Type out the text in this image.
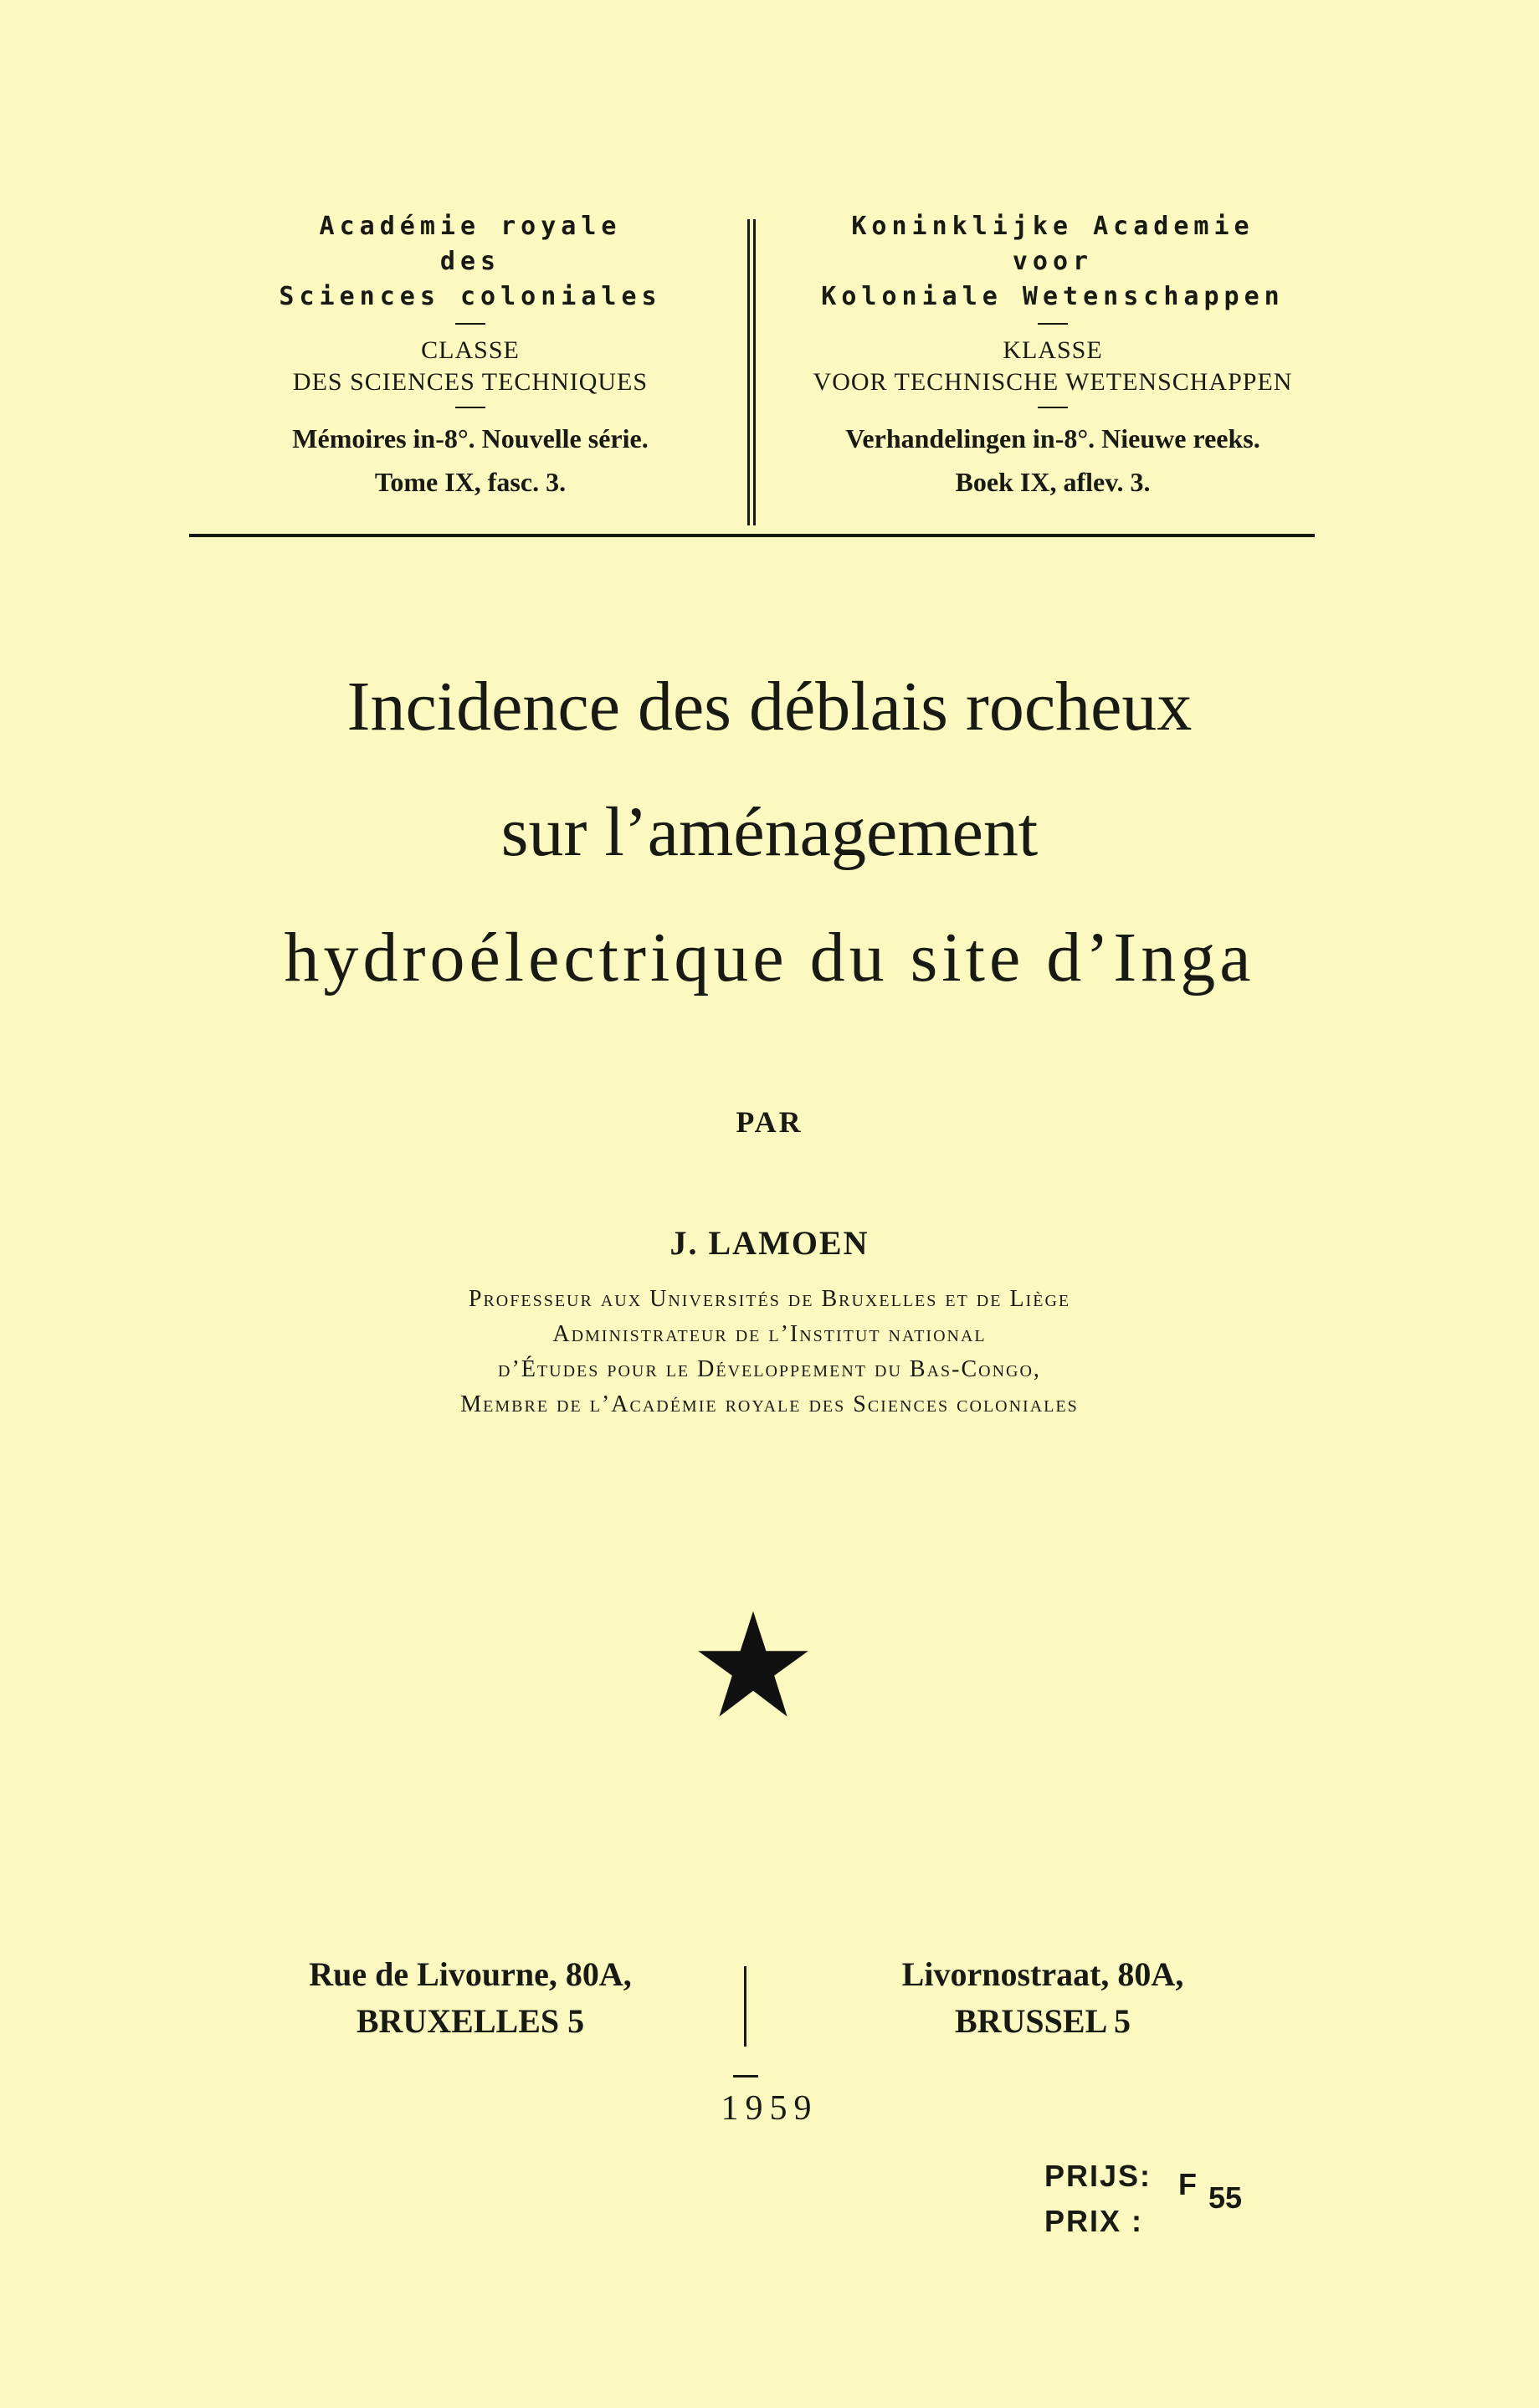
Académie royale
des
Sciences coloniales
CLASSE
DES SCIENCES TECHNIQUES
Mémoires in-8°. Nouvelle série.
Tome IX, fasc. 3.
Koninklijke Academie
voor
Koloniale Wetenschappen
KLASSE
VOOR TECHNISCHE WETENSCHAPPEN
Verhandelingen in-8°. Nieuwe reeks.
Boek IX, aflev. 3.
Incidence des déblais rocheux
sur l’aménagement
hydroélectrique du site d’Inga
PAR
J. LAMOEN
Professeur aux Universités de Bruxelles et de Liège
Administrateur de l’Institut national
d’Études pour le Développement du Bas-Congo,
Membre de l’Académie royale des Sciences coloniales
Rue de Livourne, 80A,
BRUXELLES 5
Livornostraat, 80A,
BRUSSEL 5
1959
PRIJS:
PRIX :
F 55
